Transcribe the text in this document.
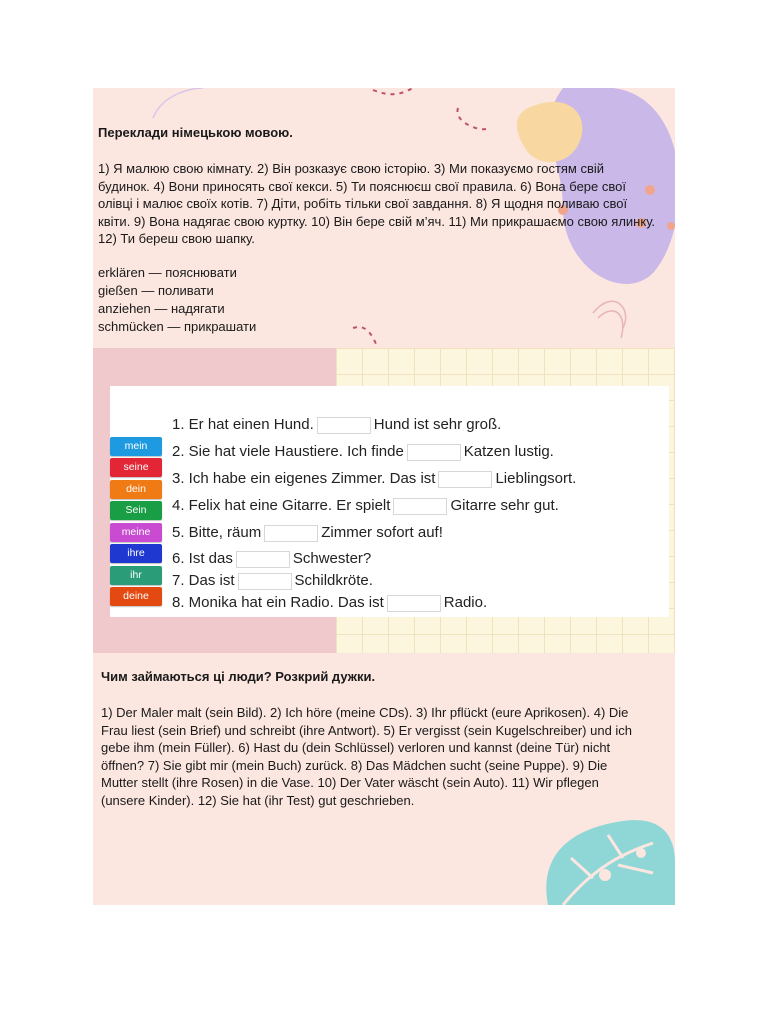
Переклади німецькою мовою.
1) Я малюю свою кімнату. 2) Він розказує свою історію. 3) Ми показуємо гостям свій будинок. 4) Вони приносять свої кекси. 5) Ти пояснюєш свої правила. 6) Вона бере свої олівці і малює своїх котів. 7) Діти, робіть тільки свої завдання. 8) Я щодня поливаю свої квіти. 9) Вона надягає свою куртку. 10) Він бере свій м’яч. 11) Ми прикрашаємо свою ялинку. 12) Ти береш свою шапку.
erklären — пояснювати
gießen — поливати
anziehen — надягати
schmücken — прикрашати
mein
seine
dein
Sein
meine
ihre
ihr
deine
1. Er hat einen Hund.	Hund ist sehr groß.
2. Sie hat viele Haustiere. Ich finde	Katzen lustig.
3. Ich habe ein eigenes Zimmer. Das ist	Lieblingsort.
4. Felix hat eine Gitarre. Er spielt	Gitarre sehr gut.
5. Bitte, räum	Zimmer sofort auf!
6. Ist das	Schwester?
7. Das ist	Schildkröte.
8. Monika hat ein Radio. Das ist	Radio.
Чим займаються ці люди? Розкрий дужки.
1) Der Maler malt (sein Bild). 2) Ich höre (meine CDs). 3) Ihr pflückt (eure Aprikosen). 4) Die Frau liest (sein Brief) und schreibt (ihre Antwort). 5) Er vergisst (sein Kugelschreiber) und ich gebe ihm (mein Füller). 6) Hast du (dein Schlüssel) verloren und kannst (deine Tür) nicht öffnen? 7) Sie gibt mir (mein Buch) zurück. 8) Das Mädchen sucht (seine Puppe). 9) Die Mutter stellt (ihre Rosen) in die Vase. 10) Der Vater wäscht (sein Auto). 11) Wir pflegen (unsere Kinder). 12) Sie hat (ihr Test) gut geschrieben.
